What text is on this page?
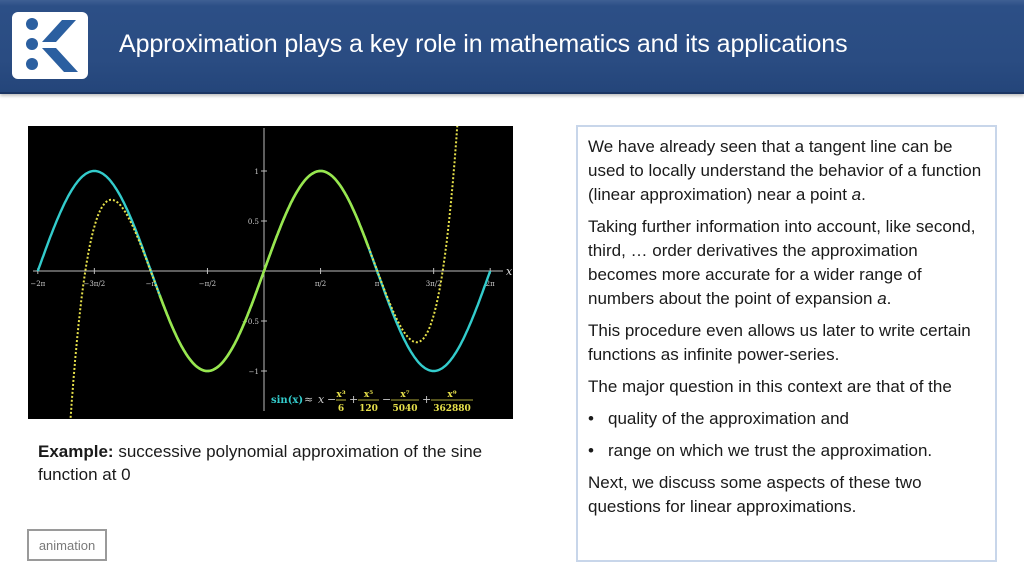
Approximation plays a key role in mathematics and its applications
x
−2π	−3π/2	−π	−π/2	π/2	π	3π/2	2π
1
0.5
−0.5
−1
sin(x) ≈ x − x³
6
+ x⁵
120
− x⁷
5040
+ x⁹
362880
Example: successive polynomial approximation of the sine function at 0
animation

We have already seen that a tangent line can be used to locally understand the behavior of a function (linear approximation) near a point a.

Taking further information into account, like second, third, … order derivatives the approximation becomes more accurate for a wider range of numbers about the point of expansion a.

This procedure even allows us later to write certain functions as infinite power-series.

The major question in this context are that of the

• quality of the approximation and

• range on which we trust the approximation.

Next, we discuss some aspects of these two questions for linear approximations.
